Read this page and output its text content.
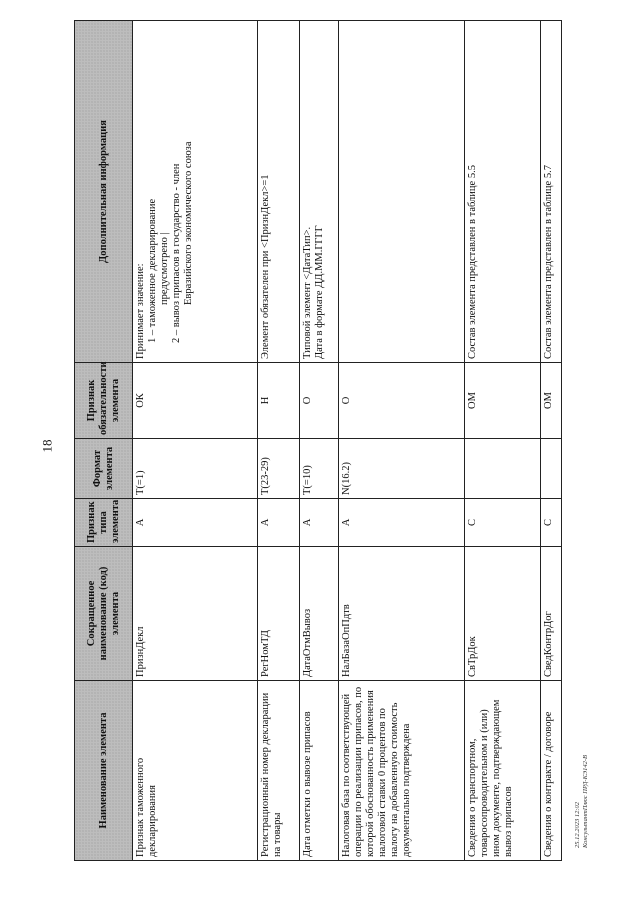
18
25.12.2023 12:02 КонсультантПлюс ПРД-КЭ142-В
Наименование элемента	Сокращенное наименование (код) элемента	Признак типа элемента	Формат элемента	Признак обязательности элемента	Дополнительная информация
Признак таможенного декларирования	ПризнДекл	А	T(=1)	ОК	Принимает значение: 1 – таможенное декларирование предусмотрено | 2 – вывоз припасов в государство - член Евразийского экономического союза

Регистрационный номер декларации на товары	РегНомТД	А	T(23-29)	Н	Элемент обязателен при <ПризнДекл>=1
Дата отметки о вывозе припасов	ДатаОтмВывоз	А	T(=10)	О	Типовой элемент <ДатаТип>. Дата в формате ДД.ММ.ГГГГ

Налоговая база по соответствующей операции по реализации припасов, по которой обоснованность применения налоговой ставки 0 процентов по налогу на добавленную стоимость документально подтверждена	НалБазаОпПдтв	А	N(16.2)	О	
Сведения о транспортном, товаросопроводительном и (или) ином документе, подтверждающем вывоз припасов	СвТрДок	С		ОМ	Состав элемента представлен в таблице 5.5
Сведения о контракте / договоре	СведКонтрДог	С		ОМ	Состав элемента представлен в таблице 5.7
